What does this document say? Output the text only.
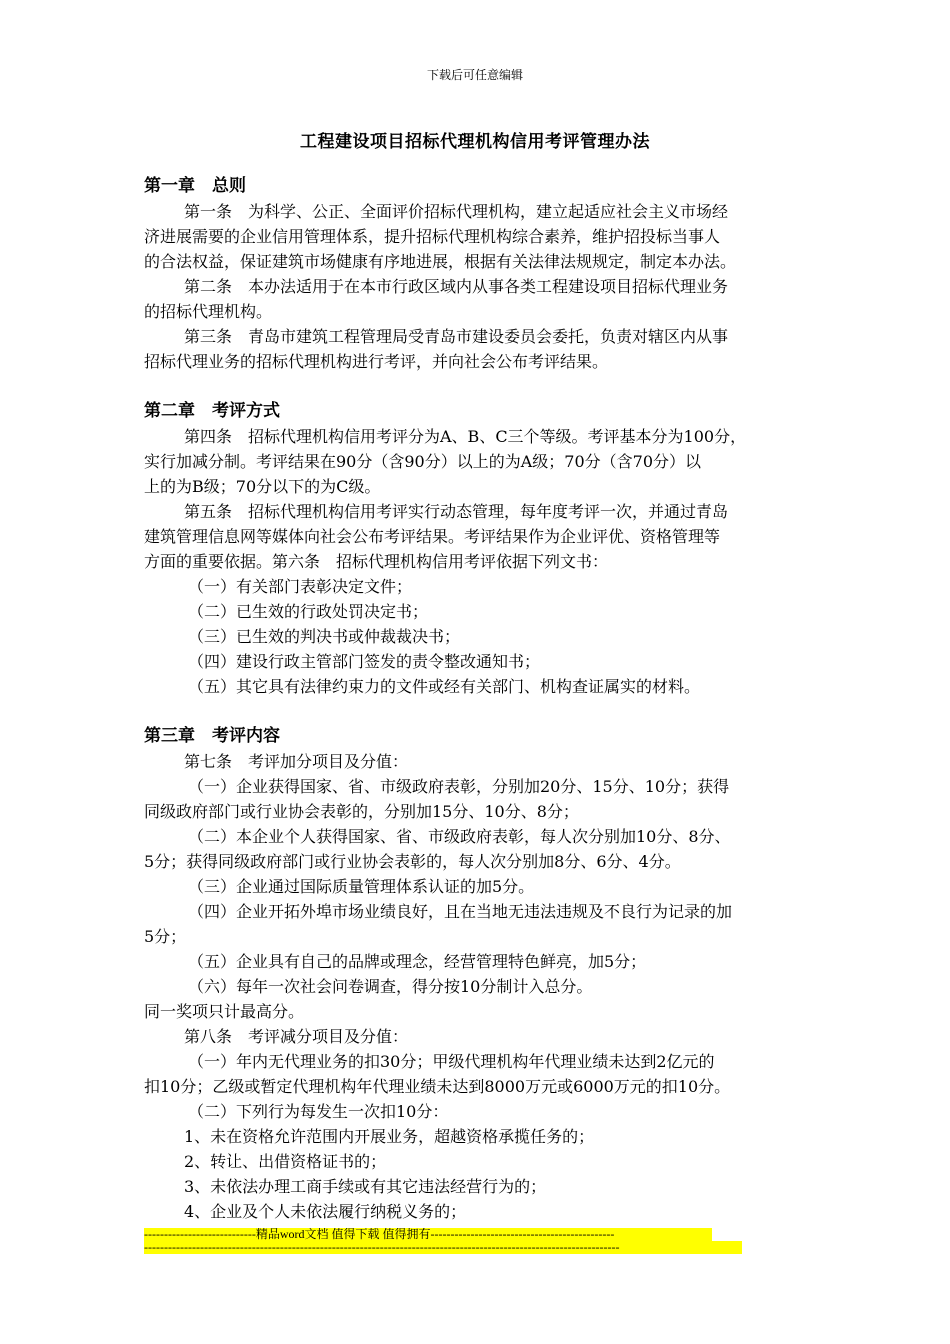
下载后可任意编辑
工程建设项目招标代理机构信用考评管理办法
第一章　总则
第一条　为科学、公正、全面评价招标代理机构，建立起适应社会主义市场经
济进展需要的企业信用管理体系，提升招标代理机构综合素养，维护招投标当事人
的合法权益，保证建筑市场健康有序地进展，根据有关法律法规规定，制定本办法。
第二条　本办法适用于在本市行政区域内从事各类工程建设项目招标代理业务
的招标代理机构。
第三条　青岛市建筑工程管理局受青岛市建设委员会委托，负责对辖区内从事
招标代理业务的招标代理机构进行考评，并向社会公布考评结果。
第二章　考评方式
第四条　招标代理机构信用考评分为A、B、C三个等级。考评基本分为100分，
实行加减分制。考评结果在90分（含90分）以上的为A级；70分（含70分）以
上的为B级；70分以下的为C级。
第五条　招标代理机构信用考评实行动态管理，每年度考评一次，并通过青岛
建筑管理信息网等媒体向社会公布考评结果。考评结果作为企业评优、资格管理等
方面的重要依据。第六条　招标代理机构信用考评依据下列文书：
（一）有关部门表彰决定文件；
（二）已生效的行政处罚决定书；
（三）已生效的判决书或仲裁裁决书；
（四）建设行政主管部门签发的责令整改通知书；
（五）其它具有法律约束力的文件或经有关部门、机构查证属实的材料。
第三章　考评内容
第七条　考评加分项目及分值：
（一）企业获得国家、省、市级政府表彰，分别加20分、15分、10分；获得
同级政府部门或行业协会表彰的，分别加15分、10分、8分；
（二）本企业个人获得国家、省、市级政府表彰，每人次分别加10分、8分、
5分；获得同级政府部门或行业协会表彰的，每人次分别加8分、6分、4分。
（三）企业通过国际质量管理体系认证的加5分。
（四）企业开拓外埠市场业绩良好，且在当地无违法违规及不良行为记录的加
5分；
（五）企业具有自己的品牌或理念，经营管理特色鲜亮，加5分；
（六）每年一次社会问卷调查，得分按10分制计入总分。
同一奖项只计最高分。
第八条　考评减分项目及分值：
（一）年内无代理业务的扣30分；甲级代理机构年代理业绩未达到2亿元的
扣10分；乙级或暂定代理机构年代理业绩未达到8000万元或6000万元的扣10分。
（二）下列行为每发生一次扣10分：
1、未在资格允许范围内开展业务，超越资格承揽任务的；
2、转让、出借资格证书的；
3、未依法办理工商手续或有其它违法经营行为的；
4、企业及个人未依法履行纳税义务的；
----------------------------精品word文档 值得下载 值得拥有----------------------------------------------
-----------------------------------------------------------------------------------------------------------------------
